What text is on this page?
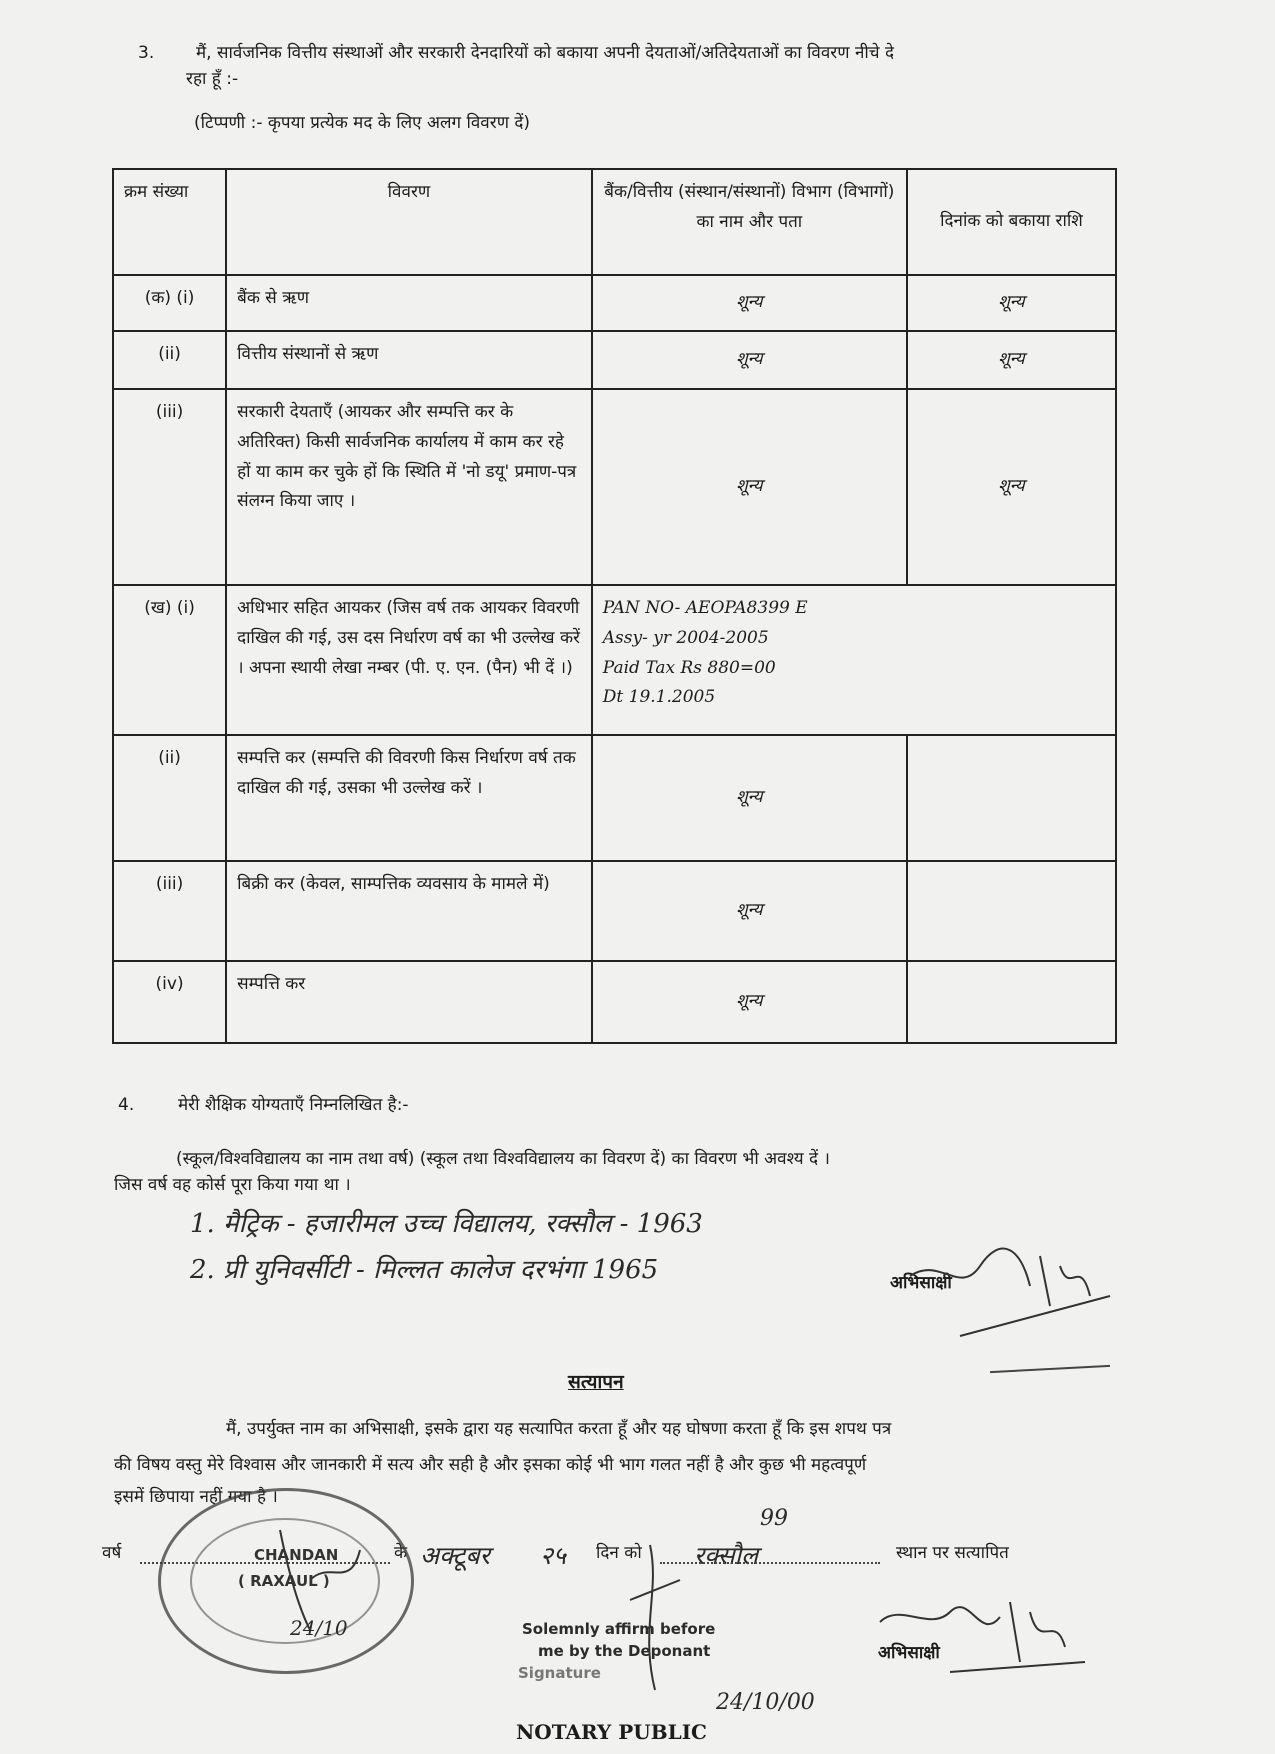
3. मैं, सार्वजनिक वित्तीय संस्थाओं और सरकारी देनदारियों को बकाया अपनी देयताओं/अतिदेयताओं का विवरण नीचे दे
रहा हूँ :-
(टिप्पणी :- कृपया प्रत्येक मद के लिए अलग विवरण दें)
क्रम संख्या	विवरण	बैंक/वित्तीय (संस्थान/संस्थानों) विभाग (विभागों) का नाम और पता	दिनांक को बकाया राशि
(क) (i)	बैंक से ऋण	शून्य	शून्य
(ii)	वित्तीय संस्थानों से ऋण	शून्य	शून्य
(iii)	सरकारी देयताएँ (आयकर और सम्पत्ति कर के अतिरिक्त) किसी सार्वजनिक कार्यालय में काम कर रहे हों या काम कर चुके हों कि स्थिति में 'नो डयू' प्रमाण-पत्र संलग्न किया जाए ।	शून्य	शून्य
(ख) (i)	अधिभार सहित आयकर (जिस वर्ष तक आयकर विवरणी दाखिल की गई, उस दस निर्धारण वर्ष का भी उल्लेख करें । अपना स्थायी लेखा नम्बर (पी. ए. एन. (पैन) भी दें ।)	PAN NO- AEOPA8399 E
Assy- yr 2004-2005
Paid Tax Rs 880=00
Dt 19.1.2005	

(ii)	सम्पत्ति कर (सम्पत्ति की विवरणी किस निर्धारण वर्ष तक दाखिल की गई, उसका भी उल्लेख करें ।	शून्य	
(iii)	बिक्री कर (केवल, साम्पत्तिक व्यवसाय के मामले में)	शून्य	
(iv)	सम्पत्ति कर	शून्य	
4.	मेरी शैक्षिक योग्यताएँ निम्नलिखित है:-
(स्कूल/विश्वविद्यालय का नाम तथा वर्ष) (स्कूल तथा विश्वविद्यालय का विवरण दें) का विवरण भी अवश्य दें ।
जिस वर्ष वह कोर्स पूरा किया गया था ।
1. मैट्रिक - हजारीमल उच्च विद्यालय, रक्सौल - 1963
2. प्री युनिवर्सीटी - मिल्लत कालेज दरभंगा 1965	अभिसाक्षी
सत्यापन
मैं, उपर्युक्त नाम का अभिसाक्षी, इसके द्वारा यह सत्यापित करता हूँ और यह घोषणा करता हूँ कि इस शपथ पत्र
की विषय वस्तु मेरे विश्वास और जानकारी में सत्य और सही है और इसका कोई भी भाग गलत नहीं है और कुछ भी महत्वपूर्ण
इसमें छिपाया नहीं गया है ।
वर्ष	के अक्टूबर २५ दिन को
99
रक्सौल	स्थान पर सत्यापित
अभिसाक्षी
CHANDAN
( RAXAUL )
24/10	Solemnly affirm before
me by the Deponant
Signature
24/10/00
NOTARY PUBLIC
